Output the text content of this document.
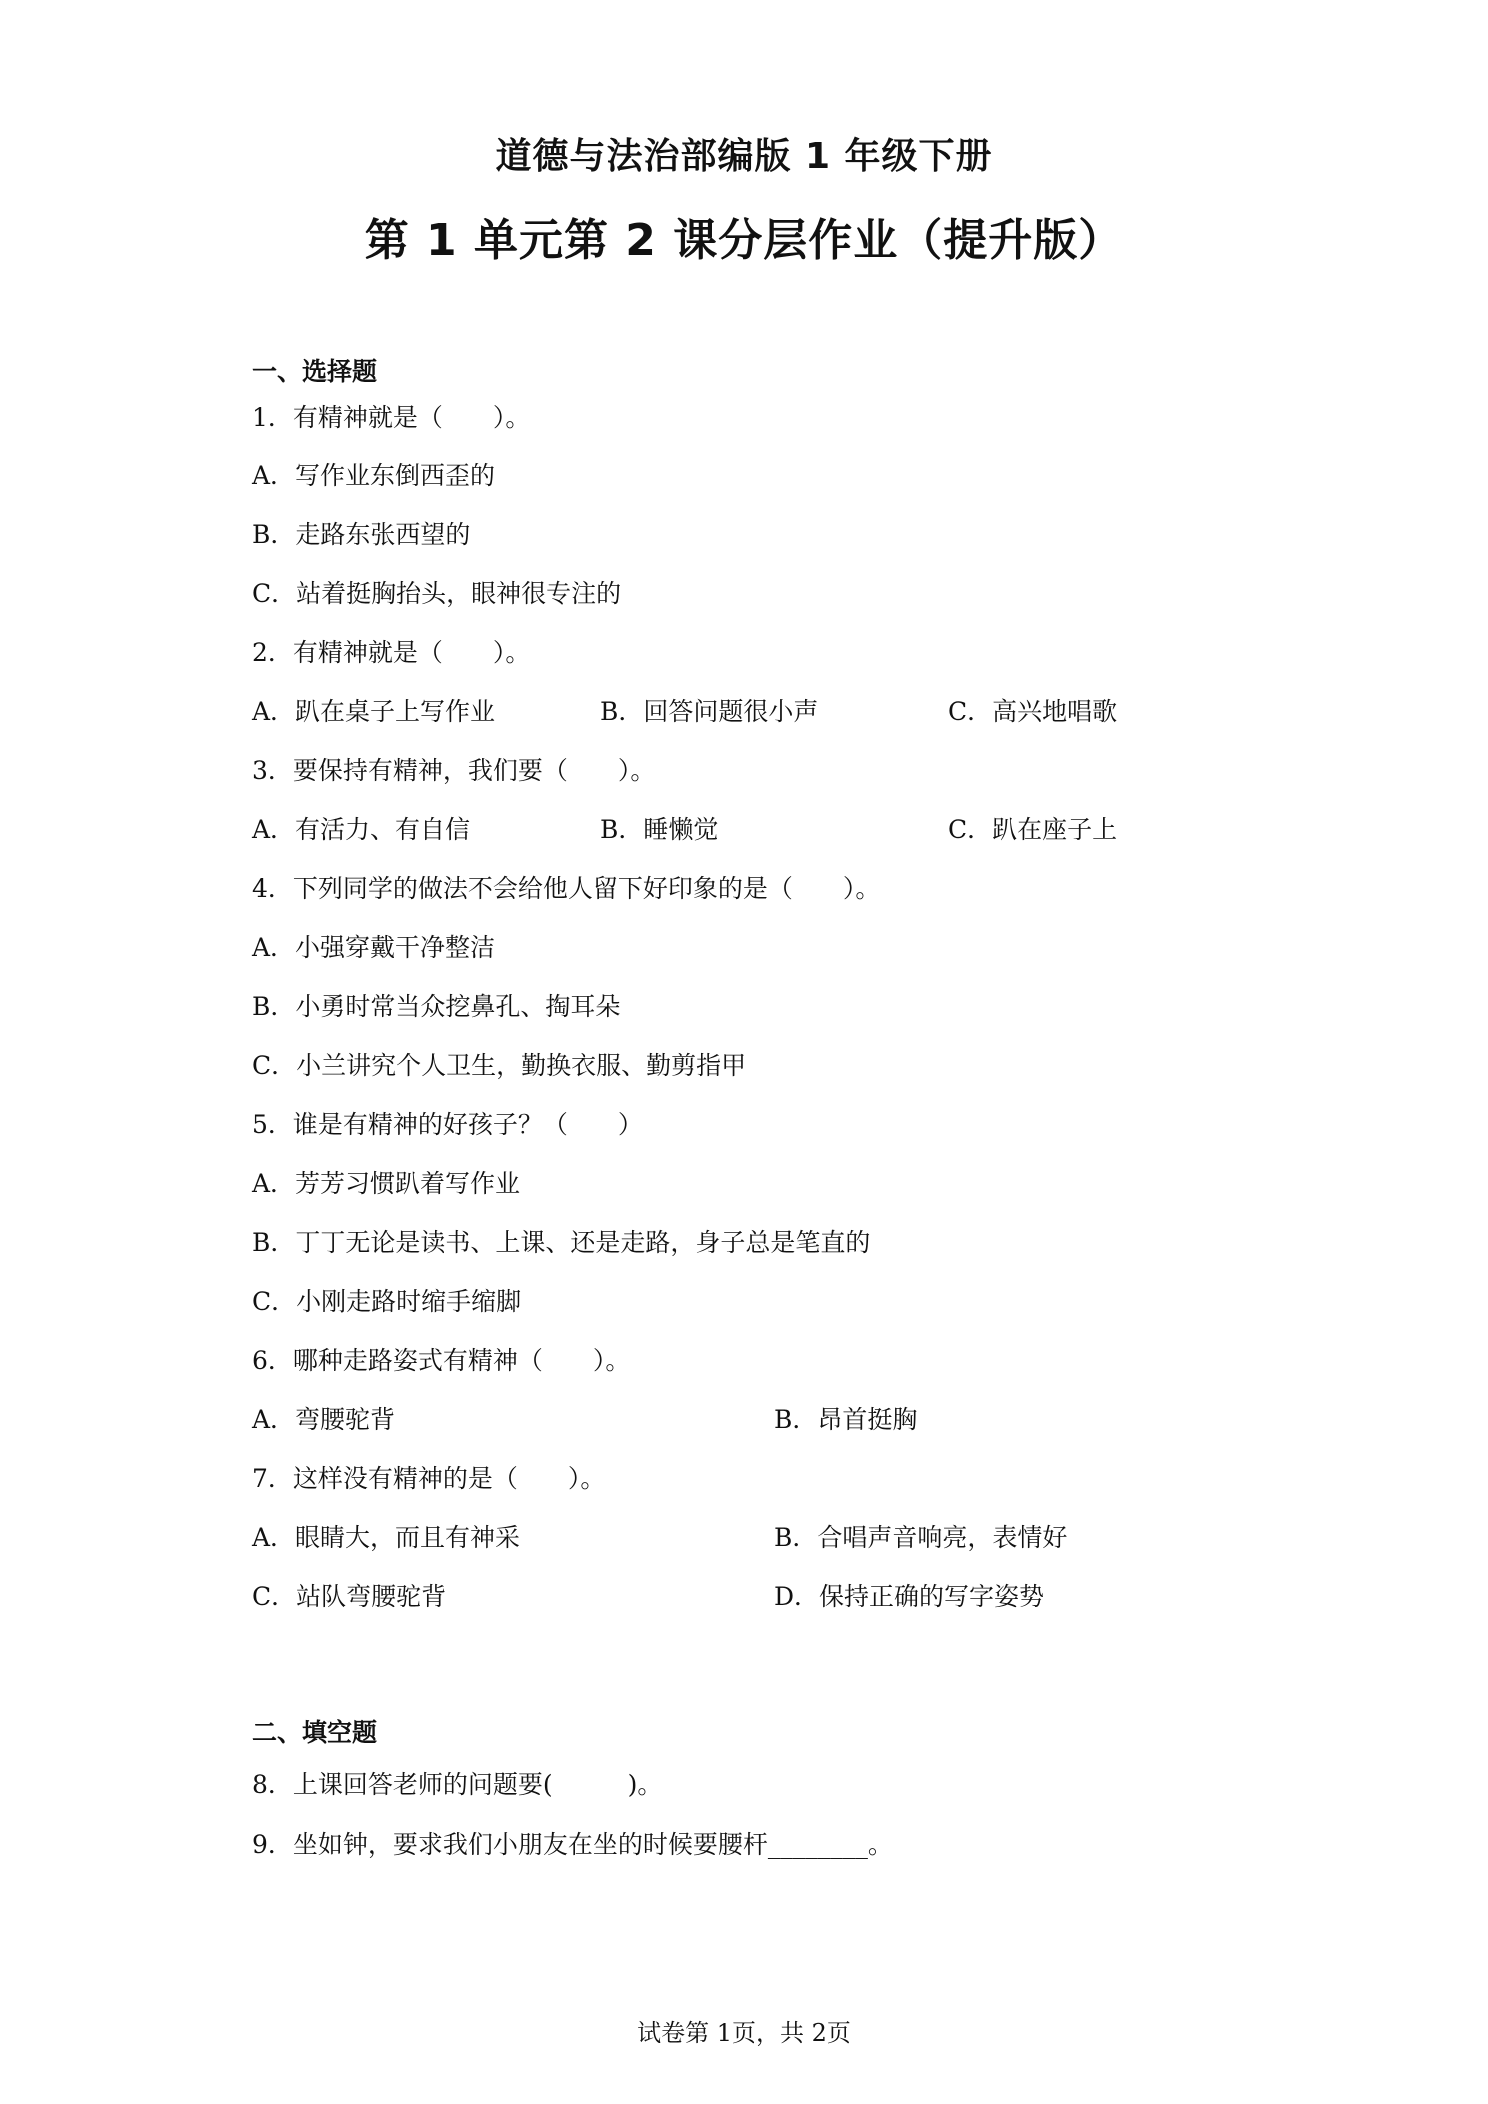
道德与法治部编版 1 年级下册
第 1 单元第 2 课分层作业（提升版）
一、选择题
1．有精神就是（　　）。
A．写作业东倒西歪的
B．走路东张西望的
C．站着挺胸抬头，眼神很专注的
2．有精神就是（　　）。
A．趴在桌子上写作业	B．回答问题很小声	C．高兴地唱歌
3．要保持有精神，我们要（　　）。
A．有活力、有自信	B．睡懒觉	C．趴在座子上
4．下列同学的做法不会给他人留下好印象的是（　　）。
A．小强穿戴干净整洁
B．小勇时常当众挖鼻孔、掏耳朵
C．小兰讲究个人卫生，勤换衣服、勤剪指甲
5．谁是有精神的好孩子？（　　）
A．芳芳习惯趴着写作业
B．丁丁无论是读书、上课、还是走路，身子总是笔直的
C．小刚走路时缩手缩脚
6．哪种走路姿式有精神（　　）。
A．弯腰驼背	B．昂首挺胸
7．这样没有精神的是（　　）。
A．眼睛大，而且有神采	B．合唱声音响亮，表情好
C．站队弯腰驼背	D．保持正确的写字姿势
二、填空题
8．上课回答老师的问题要(　　　)。
9．坐如钟，要求我们小朋友在坐的时候要腰杆________。
试卷第 1页，共 2页
